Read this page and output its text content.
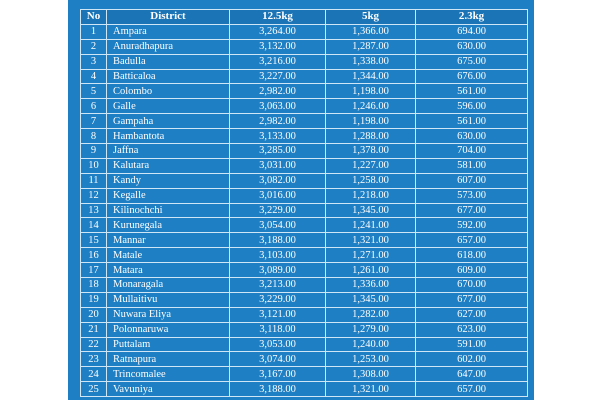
No	District	12.5kg	5kg	2.3kg
1	Ampara	3,264.00	1,366.00	694.00
2	Anuradhapura	3,132.00	1,287.00	630.00
3	Badulla	3,216.00	1,338.00	675.00
4	Batticaloa	3,227.00	1,344.00	676.00
5	Colombo	2,982.00	1,198.00	561.00
6	Galle	3,063.00	1,246.00	596.00
7	Gampaha	2,982.00	1,198.00	561.00
8	Hambantota	3,133.00	1,288.00	630.00
9	Jaffna	3,285.00	1,378.00	704.00
10	Kalutara	3,031.00	1,227.00	581.00
11	Kandy	3,082.00	1,258.00	607.00
12	Kegalle	3,016.00	1,218.00	573.00
13	Kilinochchi	3,229.00	1,345.00	677.00
14	Kurunegala	3,054.00	1,241.00	592.00
15	Mannar	3,188.00	1,321.00	657.00
16	Matale	3,103.00	1,271.00	618.00
17	Matara	3,089.00	1,261.00	609.00
18	Monaragala	3,213.00	1,336.00	670.00
19	Mullaitivu	3,229.00	1,345.00	677.00
20	Nuwara Eliya	3,121.00	1,282.00	627.00
21	Polonnaruwa	3,118.00	1,279.00	623.00
22	Puttalam	3,053.00	1,240.00	591.00
23	Ratnapura	3,074.00	1,253.00	602.00
24	Trincomalee	3,167.00	1,308.00	647.00
25	Vavuniya	3,188.00	1,321.00	657.00
